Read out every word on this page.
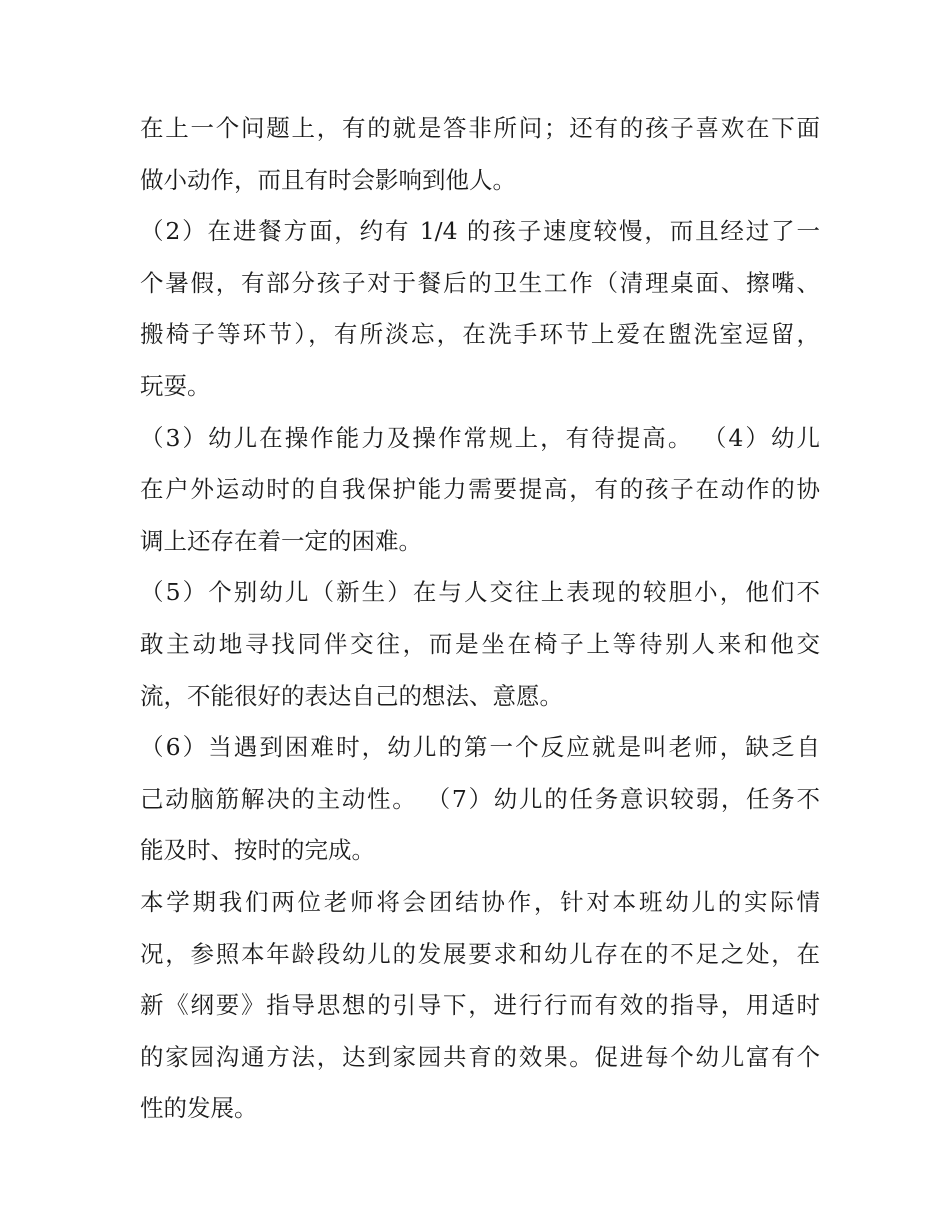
在上一个问题上，有的就是答非所问；还有的孩子喜欢在下面
做小动作，而且有时会影响到他人。
（2）在进餐方面，约有 1/4 的孩子速度较慢，而且经过了一
个暑假，有部分孩子对于餐后的卫生工作（清理桌面、擦嘴、
搬椅子等环节），有所淡忘，在洗手环节上爱在盥洗室逗留，
玩耍。
（3）幼儿在操作能力及操作常规上，有待提高。 （4）幼儿
在户外运动时的自我保护能力需要提高，有的孩子在动作的协
调上还存在着一定的困难。
（5）个别幼儿（新生）在与人交往上表现的较胆小，他们不
敢主动地寻找同伴交往，而是坐在椅子上等待别人来和他交
流，不能很好的表达自己的想法、意愿。
（6）当遇到困难时，幼儿的第一个反应就是叫老师，缺乏自
己动脑筋解决的主动性。 （7）幼儿的任务意识较弱，任务不
能及时、按时的完成。
本学期我们两位老师将会团结协作，针对本班幼儿的实际情
况，参照本年龄段幼儿的发展要求和幼儿存在的不足之处，在
新《纲要》指导思想的引导下，进行行而有效的指导，用适时
的家园沟通方法，达到家园共育的效果。促进每个幼儿富有个
性的发展。
